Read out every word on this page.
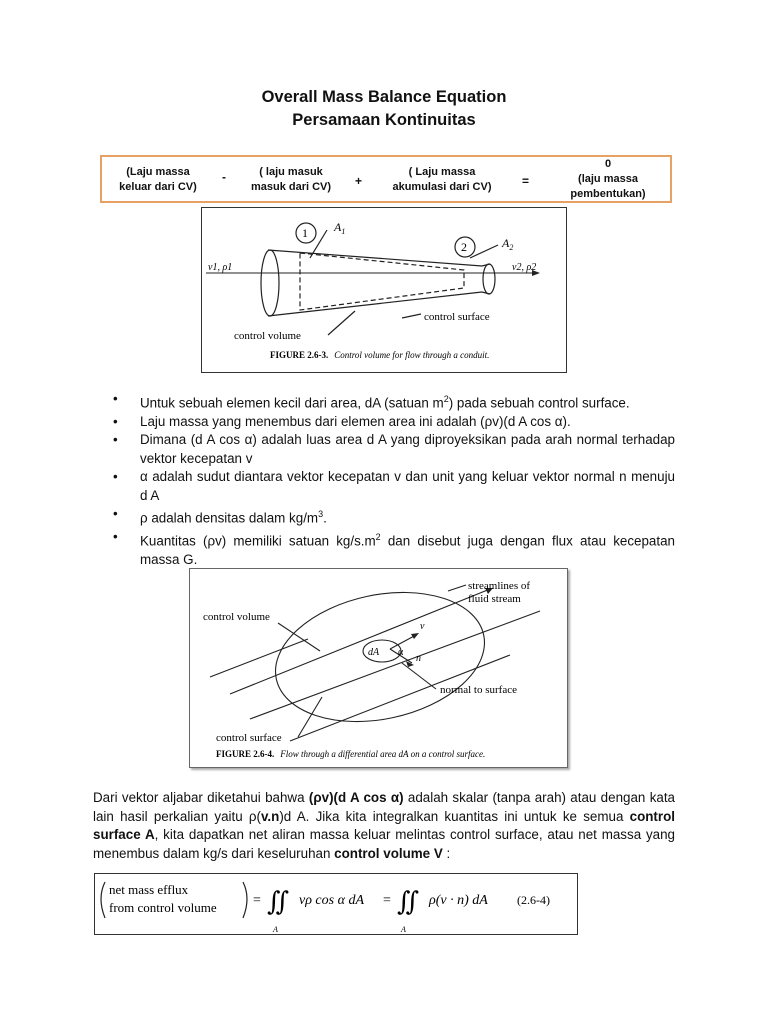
Overall Mass Balance Equation
Persamaan Kontinuitas
(Laju massa
keluar dari CV)
-	( laju masuk
masuk dari CV)	+
( Laju massa
akumulasi dari CV)	=
0
(laju massa
pembentukan)
1
2
$A_1$
$A_2$
v1, ρ1	v2, ρ2
control volume
control surface
FIGURE 2.6-3. Control volume for flow through a conduit.
• Untuk sebuah elemen kecil dari area, dA (satuan $m^2$) pada sebuah control surface.
• Laju massa yang menembus dari elemen area ini adalah (ρv)(d A cos α).
• Dimana (d A cos α) adalah luas area d A yang diproyeksikan pada arah normal terhadap vektor kecepatan v
• α adalah sudut diantara vektor kecepatan v dan unit yang keluar vektor normal n menuju d A
• ρ adalah densitas dalam $kg/m^3$.
• Kuantitas (ρv) memiliki satuan $kg/s.m^2$ dan disebut juga dengan flux atau kecepatan massa G.
streamlines of
fluid stream
control volume
v
α
n
dA
normal to surface
control surface
FIGURE 2.6-4. Flow through a differential area dA on a control surface.
Dari vektor aljabar diketahui bahwa (ρv)(d A cos α) adalah skalar (tanpa arah) atau dengan kata lain hasil perkalian yaitu ρ(v.n)d A. Jika kita integralkan kuantitas ini untuk ke semua control surface A, kita dapatkan net aliran massa keluar melintas control surface, atau net massa yang menembus dalam kg/s dari keseluruhan control volume V :
net mass efflux
from control volume	= ∬
A
vρ cos α dA = ∬
A
ρ(v · n) dA (2.6-4)
